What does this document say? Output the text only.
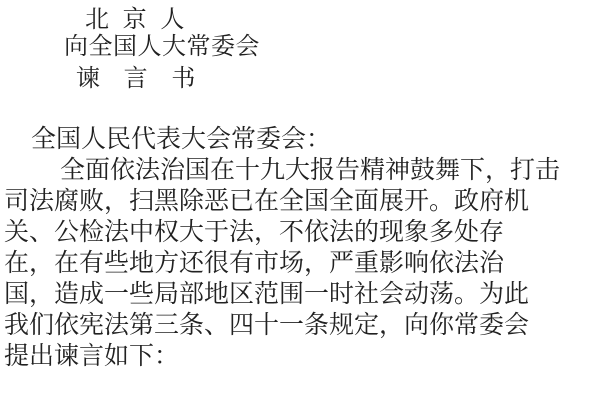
北 京 人
向全国人大常委会
谏 言 书
全国人民代表大会常委会：
全面依法治国在十九大报告精神鼓舞下，打击
司法腐败，扫黑除恶已在全国全面展开。政府机
关、公检法中权大于法，不依法的现象多处存
在，在有些地方还很有市场，严重影响依法治
国，造成一些局部地区范围一时社会动荡。为此
我们依宪法第三条、四十一条规定，向你常委会
提出谏言如下：
